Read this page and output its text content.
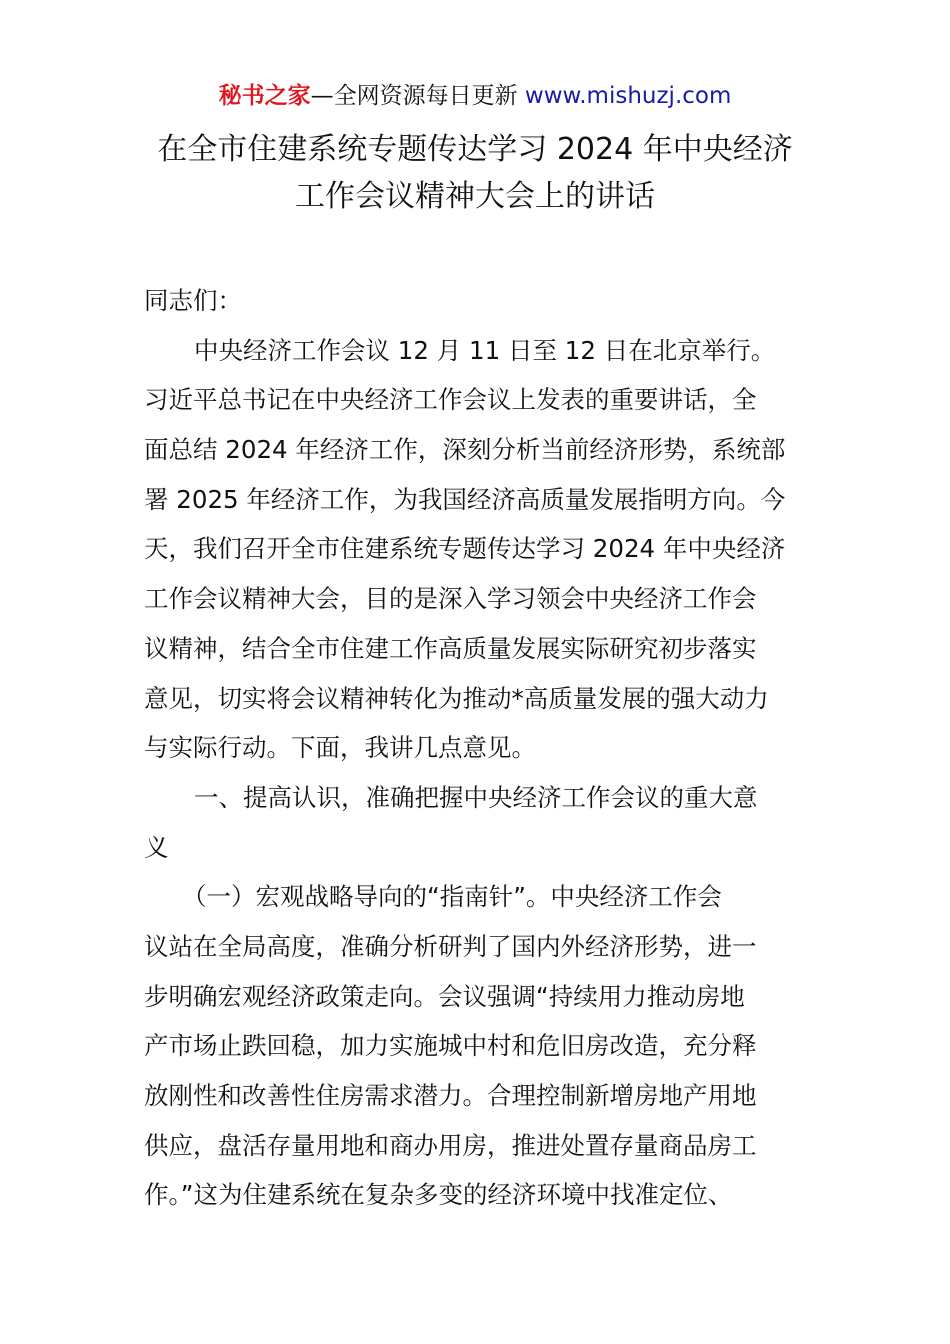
秘书之家—全网资源每日更新 www.mishuzj.com
在全市住建系统专题传达学习 2024 年中央经济
工作会议精神大会上的讲话
同志们：
中央经济工作会议 12 月 11 日至 12 日在北京举行。
习近平总书记在中央经济工作会议上发表的重要讲话，全
面总结 2024 年经济工作，深刻分析当前经济形势，系统部
署 2025 年经济工作，为我国经济高质量发展指明方向。今
天，我们召开全市住建系统专题传达学习 2024 年中央经济
工作会议精神大会，目的是深入学习领会中央经济工作会
议精神，结合全市住建工作高质量发展实际研究初步落实
意见，切实将会议精神转化为推动*高质量发展的强大动力
与实际行动。下面，我讲几点意见。
一、提高认识，准确把握中央经济工作会议的重大意
义
（一）宏观战略导向的“指南针”。中央经济工作会
议站在全局高度，准确分析研判了国内外经济形势，进一
步明确宏观经济政策走向。会议强调“持续用力推动房地
产市场止跌回稳，加力实施城中村和危旧房改造，充分释
放刚性和改善性住房需求潜力。合理控制新增房地产用地
供应，盘活存量用地和商办用房，推进处置存量商品房工
作。”这为住建系统在复杂多变的经济环境中找准定位、
